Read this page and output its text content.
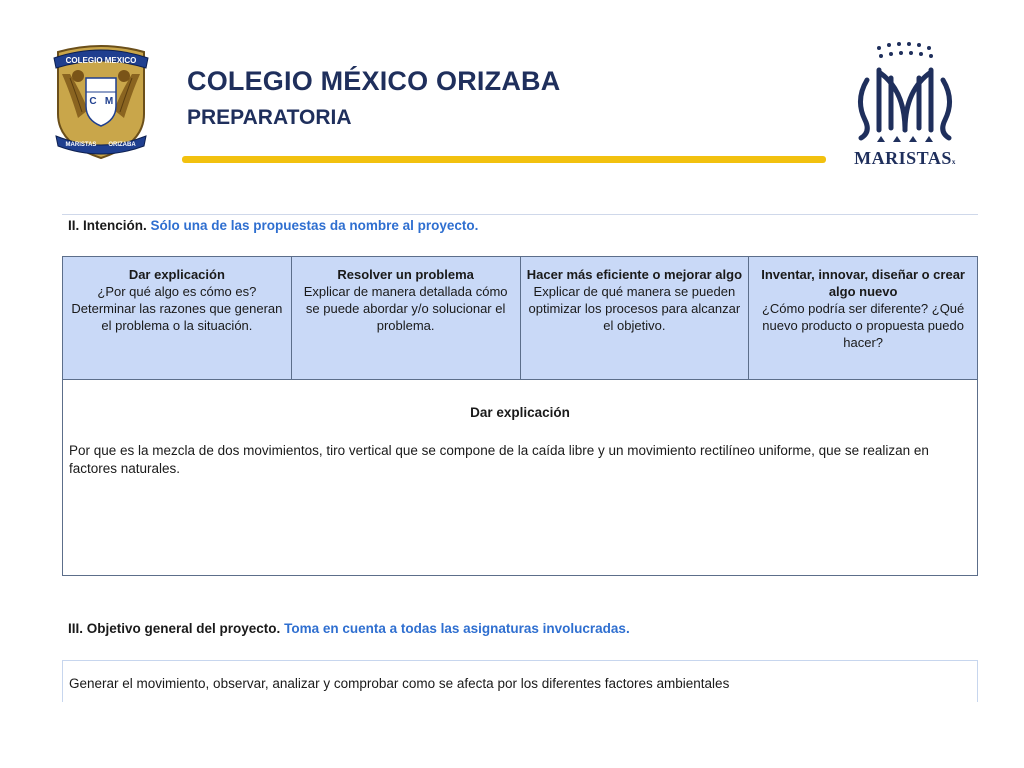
COLEGIO MEXICO
C M
MARISTAS ORIZABA
COLEGIO MÉXICO ORIZABA
PREPARATORIA
MARISTASx
II. Intención. Sólo una de las propuestas da nombre al proyecto.
Dar explicación
¿Por qué algo es cómo es? Determinar las razones que generan el problema o la situación.
Resolver un problema
Explicar de manera detallada cómo se puede abordar y/o solucionar el problema.
Hacer más eficiente o mejorar algo
Explicar de qué manera se pueden optimizar los procesos para alcanzar el objetivo.
Inventar, innovar, diseñar o crear algo nuevo
¿Cómo podría ser diferente? ¿Qué nuevo producto o propuesta puedo hacer?
Dar explicación
Por que es la mezcla de dos movimientos, tiro vertical que se compone de la caída libre y un movimiento rectilíneo uniforme, que se realizan en factores naturales.
III. Objetivo general del proyecto. Toma en cuenta a todas las asignaturas involucradas.
Generar el movimiento, observar, analizar y comprobar como se afecta por los diferentes factores ambientales
